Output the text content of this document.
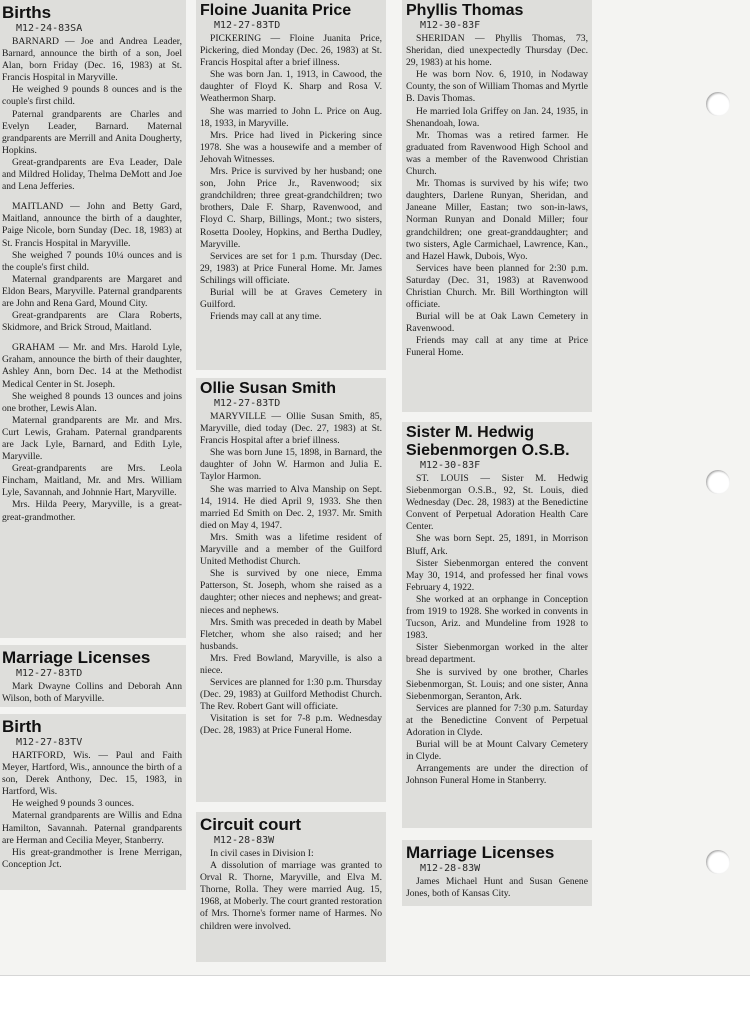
Births
M12-24-83SA

BARNARD — Joe and Andrea Leader, Barnard, announce the birth of a son, Joel Alan, born Friday (Dec. 16, 1983) at St. Francis Hospital in Maryville.

He weighed 9 pounds 8 ounces and is the couple's first child.

Paternal grandparents are Charles and Evelyn Leader, Barnard. Maternal grandparents are Merrill and Anita Dougherty, Hopkins.

Great-grandparents are Eva Leader, Dale and Mildred Holiday, Thelma DeMott and Joe and Lena Jefferies.

MAITLAND — John and Betty Gard, Maitland, announce the birth of a daughter, Paige Nicole, born Sunday (Dec. 18, 1983) at St. Francis Hospital in Maryville.

She weighed 7 pounds 10¼ ounces and is the couple's first child.

Maternal grandparents are Margaret and Eldon Bears, Maryville. Paternal grandparents are John and Rena Gard, Mound City.

Great-grandparents are Clara Roberts, Skidmore, and Brick Stroud, Maitland.

GRAHAM — Mr. and Mrs. Harold Lyle, Graham, announce the birth of their daughter, Ashley Ann, born Dec. 14 at the Methodist Medical Center in St. Joseph.

She weighed 8 pounds 13 ounces and joins one brother, Lewis Alan.

Maternal grandparents are Mr. and Mrs. Curt Lewis, Graham. Paternal grandparents are Jack Lyle, Barnard, and Edith Lyle, Maryville.

Great-grandparents are Mrs. Leola Fincham, Maitland, Mr. and Mrs. William Lyle, Savannah, and Johnnie Hart, Maryville.

Mrs. Hilda Peery, Maryville, is a great-great-grandmother.

Marriage Licenses
M12-27-83TD

Mark Dwayne Collins and Deborah Ann Wilson, both of Maryville.

Birth
M12-27-83TV

HARTFORD, Wis. — Paul and Faith Meyer, Hartford, Wis., announce the birth of a son, Derek Anthony, Dec. 15, 1983, in Hartford, Wis.

He weighed 9 pounds 3 ounces.

Maternal grandparents are Willis and Edna Hamilton, Savannah. Paternal grandparents are Herman and Cecilia Meyer, Stanberry.

His great-grandmother is Irene Merrigan, Conception Jct.

Floine Juanita Price
M12-27-83TD

PICKERING — Floine Juanita Price, Pickering, died Monday (Dec. 26, 1983) at St. Francis Hospital after a brief illness.

She was born Jan. 1, 1913, in Cawood, the daughter of Floyd K. Sharp and Rosa V. Weathermon Sharp.

She was married to John L. Price on Aug. 18, 1933, in Maryville.

Mrs. Price had lived in Pickering since 1978. She was a housewife and a member of Jehovah Witnesses.

Mrs. Price is survived by her husband; one son, John Price Jr., Ravenwood; six grandchildren; three great-grandchildren; two brothers, Dale F. Sharp, Ravenwood, and Floyd C. Sharp, Billings, Mont.; two sisters, Rosetta Dooley, Hopkins, and Bertha Dudley, Maryville.

Services are set for 1 p.m. Thursday (Dec. 29, 1983) at Price Funeral Home. Mr. James Schilings will officiate.

Burial will be at Graves Cemetery in Guilford.

Friends may call at any time.

Ollie Susan Smith
M12-27-83TD

MARYVILLE — Ollie Susan Smith, 85, Maryville, died today (Dec. 27, 1983) at St. Francis Hospital after a brief illness.

She was born June 15, 1898, in Barnard, the daughter of John W. Harmon and Julia E. Taylor Harmon.

She was married to Alva Manship on Sept. 14, 1914. He died April 9, 1933. She then married Ed Smith on Dec. 2, 1937. Mr. Smith died on May 4, 1947.

Mrs. Smith was a lifetime resident of Maryville and a member of the Guilford United Methodist Church.

She is survived by one niece, Emma Patterson, St. Joseph, whom she raised as a daughter; other nieces and nephews; and great-nieces and nephews.

Mrs. Smith was preceded in death by Mabel Fletcher, whom she also raised; and her husbands.

Mrs. Fred Bowland, Maryville, is also a niece.

Services are planned for 1:30 p.m. Thursday (Dec. 29, 1983) at Guilford Methodist Church. The Rev. Robert Gant will officiate.

Visitation is set for 7-8 p.m. Wednesday (Dec. 28, 1983) at Price Funeral Home.

Circuit court
M12-28-83W

In civil cases in Division I:

A dissolution of marriage was granted to Orval R. Thorne, Maryville, and Elva M. Thorne, Rolla. They were married Aug. 15, 1968, at Moberly. The court granted restoration of Mrs. Thorne's former name of Harmes. No children were involved.

Phyllis Thomas
M12-30-83F

SHERIDAN — Phyllis Thomas, 73, Sheridan, died unexpectedly Thursday (Dec. 29, 1983) at his home.

He was born Nov. 6, 1910, in Nodaway County, the son of William Thomas and Myrtle B. Davis Thomas.

He married Iola Griffey on Jan. 24, 1935, in Shenandoah, Iowa.

Mr. Thomas was a retired farmer. He graduated from Ravenwood High School and was a member of the Ravenwood Christian Church.

Mr. Thomas is survived by his wife; two daughters, Darlene Runyan, Sheridan, and Janeane Miller, Eastan; two son-in-laws, Norman Runyan and Donald Miller; four grandchildren; one great-granddaughter; and two sisters, Agle Carmichael, Lawrence, Kan., and Hazel Hawk, Dubois, Wyo.

Services have been planned for 2:30 p.m. Saturday (Dec. 31, 1983) at Ravenwood Christian Church. Mr. Bill Worthington will officiate.

Burial will be at Oak Lawn Cemetery in Ravenwood.

Friends may call at any time at Price Funeral Home.

Sister M. Hedwig
Siebenmorgen O.S.B.
M12-30-83F

ST. LOUIS — Sister M. Hedwig Siebenmorgan O.S.B., 92, St. Louis, died Wednesday (Dec. 28, 1983) at the Benedictine Convent of Perpetual Adoration Health Care Center.

She was born Sept. 25, 1891, in Morrison Bluff, Ark.

Sister Siebenmorgan entered the convent May 30, 1914, and professed her final vows February 4, 1922.

She worked at an orphange in Conception from 1919 to 1928. She worked in convents in Tucson, Ariz. and Mundeline from 1928 to 1983.

Sister Siebenmorgan worked in the alter bread department.

She is survived by one brother, Charles Siebenmorgan, St. Louis; and one sister, Anna Siebenmorgan, Seranton, Ark.

Services are planned for 7:30 p.m. Saturday at the Benedictine Convent of Perpetual Adoration in Clyde.

Burial will be at Mount Calvary Cemetery in Clyde.

Arrangements are under the direction of Johnson Funeral Home in Stanberry.

Marriage Licenses
M12-28-83W

James Michael Hunt and Susan Genene Jones, both of Kansas City.
